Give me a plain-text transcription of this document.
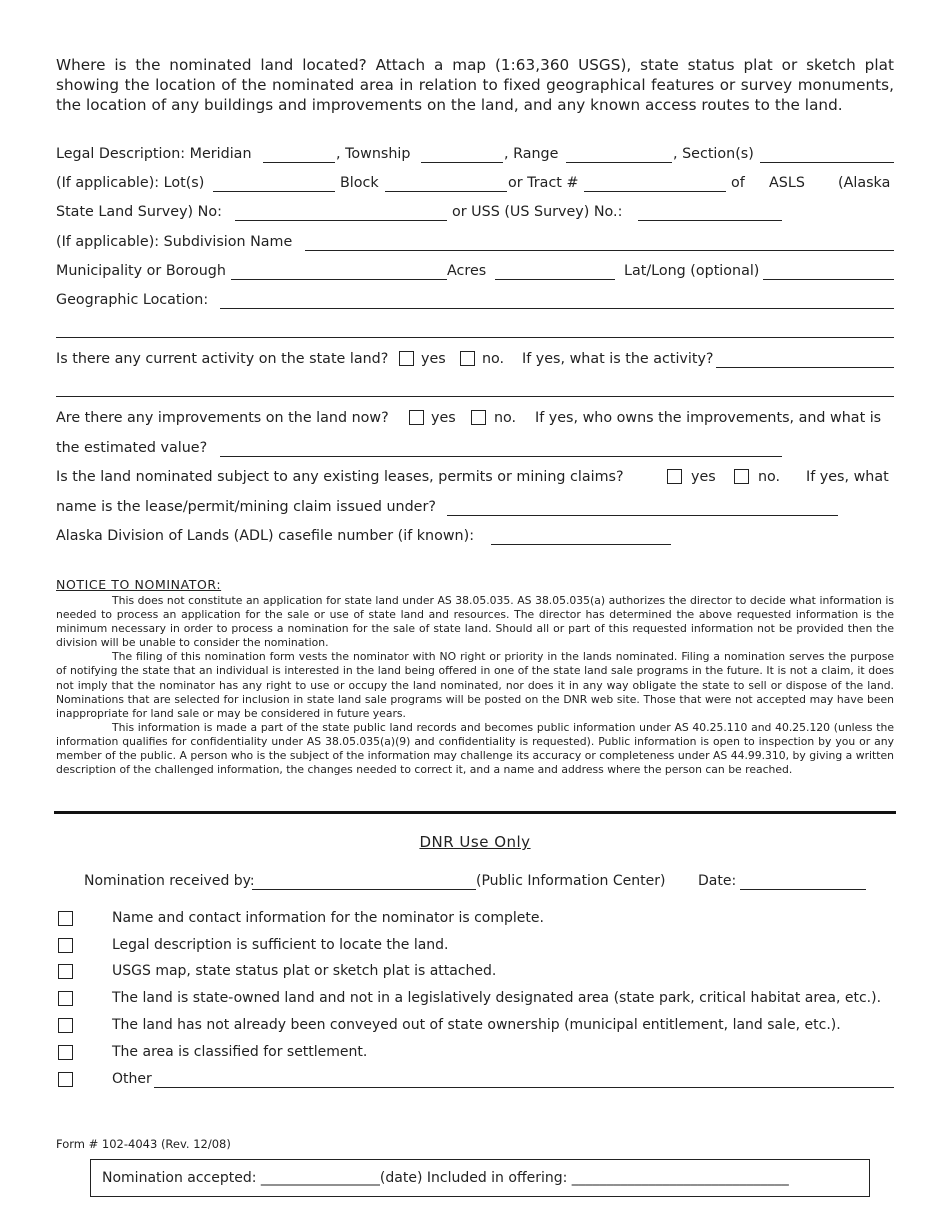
Where is the nominated land located? Attach a map (1:63,360 USGS), state status plat or sketch plat showing the location of the nominated area in relation to fixed geographical features or survey monuments, the location of any buildings and improvements on the land, and any known access routes to the land.
Legal Description: Meridian	, Township	, Range	, Section(s)
(If applicable): Lot(s)	Block	or Tract #	of ASLS (Alaska
State Land Survey) No:	or USS (US Survey) No.:
(If applicable): Subdivision Name
Municipality or Borough	Acres	Lat/Long (optional)
Geographic Location:
Is there any current activity on the state land? yes	no. If yes, what is the activity?
Are there any improvements on the land now?	yes	no. If yes, who owns the improvements, and what is
the estimated value?
Is the land nominated subject to any existing leases, permits or mining claims?	yes	no. If yes, what
name is the lease/permit/mining claim issued under?
Alaska Division of Lands (ADL) casefile number (if known):
NOTICE TO NOMINATOR:

This does not constitute an application for state land under AS 38.05.035. AS 38.05.035(a) authorizes the director to decide what information is needed to process an application for the sale or use of state land and resources. The director has determined the above requested information is the minimum necessary in order to process a nomination for the sale of state land. Should all or part of this requested information not be provided then the division will be unable to consider the nomination.

The filing of this nomination form vests the nominator with NO right or priority in the lands nominated. Filing a nomination serves the purpose of notifying the state that an individual is interested in the land being offered in one of the state land sale programs in the future. It is not a claim, it does not imply that the nominator has any right to use or occupy the land nominated, nor does it in any way obligate the state to sell or dispose of the land. Nominations that are selected for inclusion in state land sale programs will be posted on the DNR web site. Those that were not accepted may have been inappropriate for land sale or may be considered in future years.

This information is made a part of the state public land records and becomes public information under AS 40.25.110 and 40.25.120 (unless the information qualifies for confidentiality under AS 38.05.035(a)(9) and confidentiality is requested). Public information is open to inspection by you or any member of the public. A person who is the subject of the information may challenge its accuracy or completeness under AS 44.99.310, by giving a written description of the challenged information, the changes needed to correct it, and a name and address where the person can be reached.

DNR Use Only
Nomination received by:	(Public Information Center) Date:
Name and contact information for the nominator is complete.
Legal description is sufficient to locate the land.
USGS map, state status plat or sketch plat is attached.
The land is state-owned land and not in a legislatively designated area (state park, critical habitat area, etc.).
The land has not already been conveyed out of state ownership (municipal entitlement, land sale, etc.).
The area is classified for settlement.
Other
Form # 102-4043 (Rev. 12/08)
Nomination accepted: _________________(date) Included in offering: _______________________________
